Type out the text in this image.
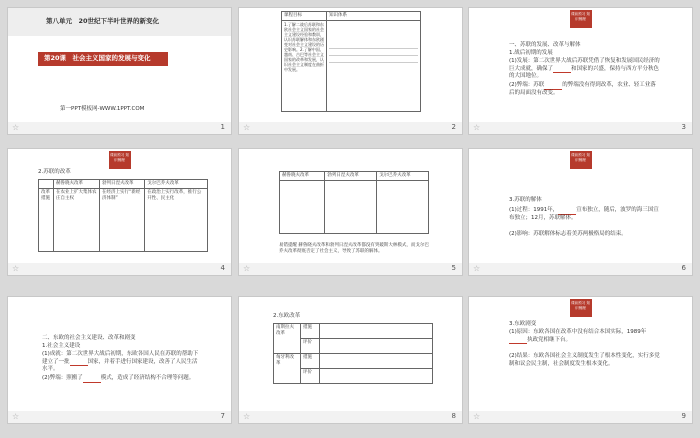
第八单元　20世纪下半叶世界的新变化
第20课　社会主义国家的发展与变化
第一PPT模板网-WWW.1PPT.COM
☆	1
课程目标	知识体系
1.了解二战后苏联和东欧社会主义国家的社会主义建设经验和教训，认识苏联解体和东欧剧变对社会主义建设的历史影响。2.了解中国、越南、古巴等社会主义国家的改革和发展，认识社会主义制度在曲折中发展。	
☆	2
课前预习 知识梳理
一、苏联的发展、改革与解体
1.战后初期的发展
(1)发展：第二次世界大战后苏联凭借了恢复和发展国民经济的巨大成就，确保了	和国家的兴盛，保持与西方平分秋色的大国地位。
(2)弊端：苏联	的弊端没有得到改革，农业、轻工业落后的局面没有改变。
☆	3
课前预习 知识梳理
2.苏联的改革
	赫鲁晓夫改革	勃列日涅夫改革	戈尔巴乔夫改革
改革措施	在农业上扩大集体农庄自主权	在经济上实行“新经济体制”	在政治上实行改革，推行公开性、民主化
☆	4
赫鲁晓夫改革	勃列日涅夫改革	戈尔巴乔夫改革

易错提醒 赫鲁晓夫改革和勃列日涅夫改革都没有突破斯大林模式，而戈尔巴乔夫改革彻底否定了社会主义，导致了苏联的解体。
☆	5
课前预习 知识梳理
3.苏联的解体
(1)过程：1991年，	宣布独立，随后，波罗的海三国宣布独立；12月，苏联解体。
(2)影响：苏联解体标志着美苏两极格局的结束。
☆	6
二、东欧的社会主义建设、改革和剧变
1.社会主义建设
(1)成就：第二次世界大战后初期，东欧各国人民在苏联的帮助下建立了一批	国家，并着手进行国家建设，改善了人民生活水平。
(2)弊端：照搬了	模式，造成了经济结构不合理等问题。
☆	7
2.东欧改革
南斯拉夫改革	措施	
	评价	
匈牙利改革	措施	
	评价	
☆	8
课前预习 知识梳理
3.东欧剧变
(1)原因：东欧各国在改革中没有结合本国实际，1989年执政党相继下台。
(2)结果：东欧各国社会主义制度发生了根本性变化，实行多党制和议会民主制，社会制度发生根本变化。
☆	9
